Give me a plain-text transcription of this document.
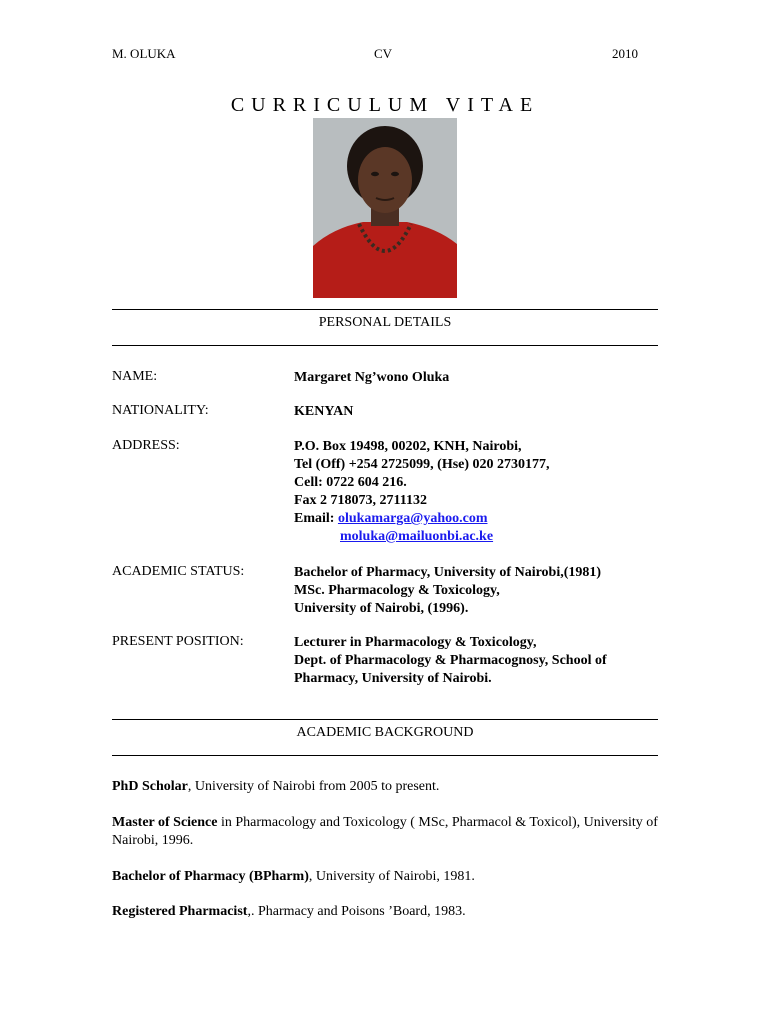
M. OLUKA	CV	2010
CURRICULUM VITAE
PERSONAL DETAILS
NAME:	Margaret Ng’wono Oluka
NATIONALITY:	KENYAN
ADDRESS:	P.O. Box 19498, 00202, KNH, Nairobi,
Tel (Off) +254 2725099, (Hse) 020 2730177,
Cell: 0722 604 216.
Fax 2 718073, 2711132
Email: olukamarga@yahoo.com
moluka@mailuonbi.ac.ke
ACADEMIC STATUS:	Bachelor of Pharmacy, University of Nairobi,(1981)
MSc. Pharmacology & Toxicology,
University of Nairobi, (1996).
PRESENT POSITION:	Lecturer in Pharmacology & Toxicology,
Dept. of Pharmacology & Pharmacognosy, School of
Pharmacy, University of Nairobi.
ACADEMIC BACKGROUND
PhD Scholar, University of Nairobi from 2005 to present.
Master of Science in Pharmacology and Toxicology ( MSc, Pharmacol & Toxicol), University of Nairobi, 1996.
Bachelor of Pharmacy (BPharm), University of Nairobi, 1981.
Registered Pharmacist,. Pharmacy and Poisons ’Board, 1983.
